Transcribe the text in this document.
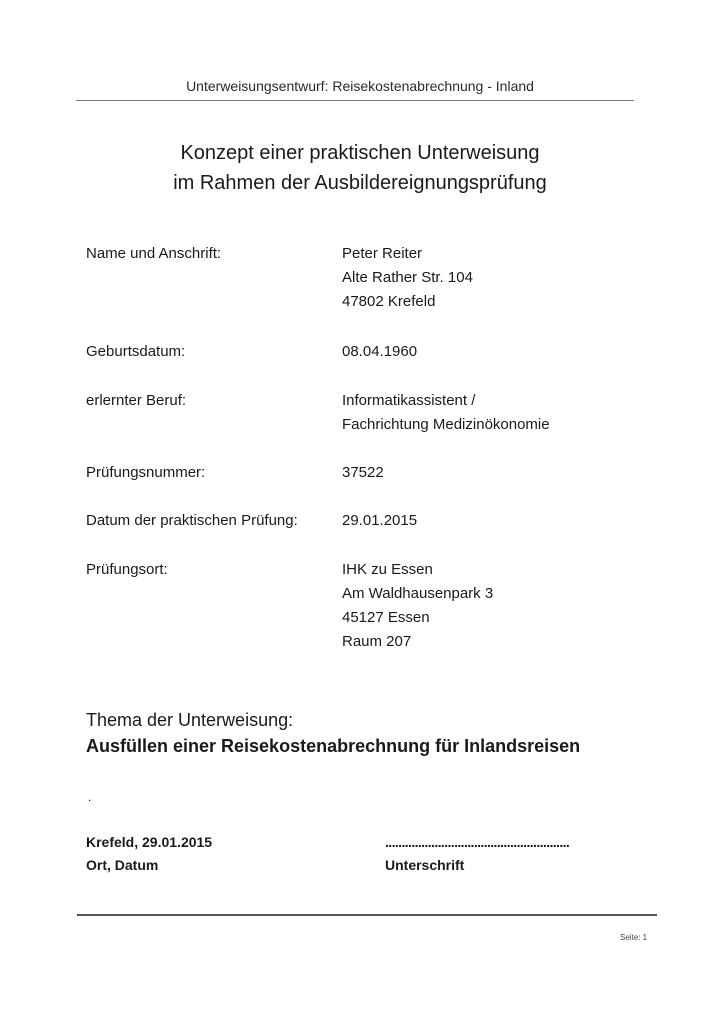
Unterweisungsentwurf: Reisekostenabrechnung - Inland
Konzept einer praktischen Unterweisung
im Rahmen der Ausbildereignungsprüfung
Name und Anschrift:	Peter Reiter
Alte Rather Str. 104
47802 Krefeld
Geburtsdatum:	08.04.1960
erlernter Beruf:	Informatikassistent /
Fachrichtung Medizinökonomie
Prüfungsnummer:	37522
Datum der praktischen Prüfung:	29.01.2015
Prüfungsort:	IHK zu Essen
Am Waldhausenpark 3
45127 Essen
Raum 207
Thema der Unterweisung:
Ausfüllen einer Reisekostenabrechnung für Inlandsreisen
.
Krefeld, 29.01.2015
Ort, Datum
........................................................
Unterschrift
Seite: 1
